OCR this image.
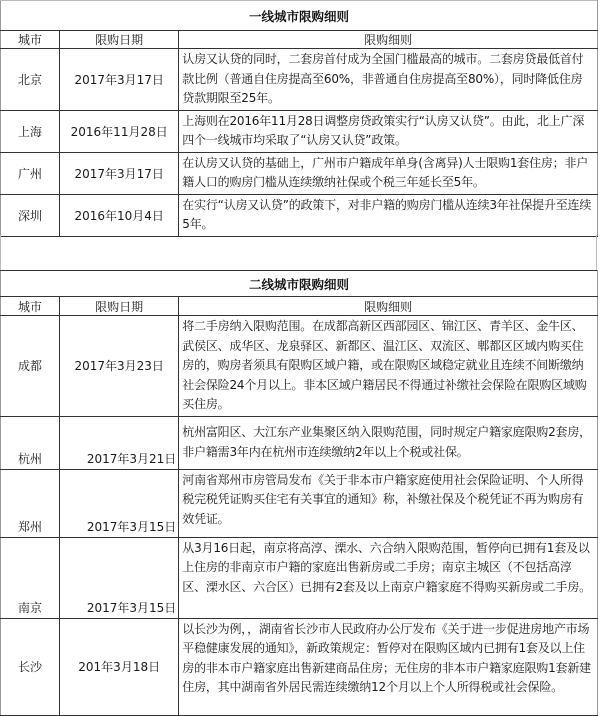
一线城市限购细则		
城市	限购日期	限购细则
北京	2017年3月17日	认房又认贷的同时，二套房首付成为全国门槛最高的城市。二套房贷最低首付款比例（普通自住房提高至60%，非普通自住房提高至80%），同时降低住房贷款期限至25年。
上海	2016年11月28日	上海则在2016年11月28日调整房贷政策实行“认房又认贷”。由此，北上广深四个一线城市均采取了“认房又认贷”政策。
广州	2017年3月17日	在认房又认贷的基础上，广州市户籍成年单身(含离异)人士限购1套住房；非户籍人口的购房门槛从连续缴纳社保或个税三年延长至5年。
深圳	2016年10月4日	在实行“认房又认贷”的政策下，对非户籍的购房门槛从连续3年社保提升至连续5年。
二线城市限购细则		
城市	限购日期	限购细则
成都	2017年3月23日	将二手房纳入限购范围。在成都高新区西部园区、锦江区、青羊区、金牛区、武侯区、成华区、龙泉驿区、新都区、温江区、双流区、郫都区区域内购买住房的，购房者须具有限购区域户籍，或在限购区域稳定就业且连续不间断缴纳社会保险24个月以上。非本区域户籍居民不得通过补缴社会保险在限购区域购买住房。
杭州	2017年3月21日	杭州富阳区、大江东产业集聚区纳入限购范围，同时规定户籍家庭限购2套房，非户籍需3年内在杭州市连续缴纳2年以上个税或社保。
郑州	2017年3月15日	河南省郑州市房管局发布《关于非本市户籍家庭使用社会保险证明、个人所得税完税凭证购买住宅有关事宜的通知》称，补缴社保及个税凭证不再为购房有效凭证。
南京	2017年3月15日	从3月16日起，南京将高淳、溧水、六合纳入限购范围，暂停向已拥有1套及以上住房的非南京市户籍的家庭出售新房或二手房；南京主城区（不包括高淳区、溧水区、六合区）已拥有2套及以上南京户籍家庭不得购买新房或二手房。
长沙	201年3月18日	以长沙为例，，湖南省长沙市人民政府办公厅发布《关于进一步促进房地产市场平稳健康发展的通知》，新政策规定：暂停对在限购区域内已拥有1套及以上住房的非本市户籍家庭出售新建商品住房；无住房的非本市户籍家庭限购1套新建住房，其中湖南省外居民需连续缴纳12个月以上个人所得税或社会保险。
